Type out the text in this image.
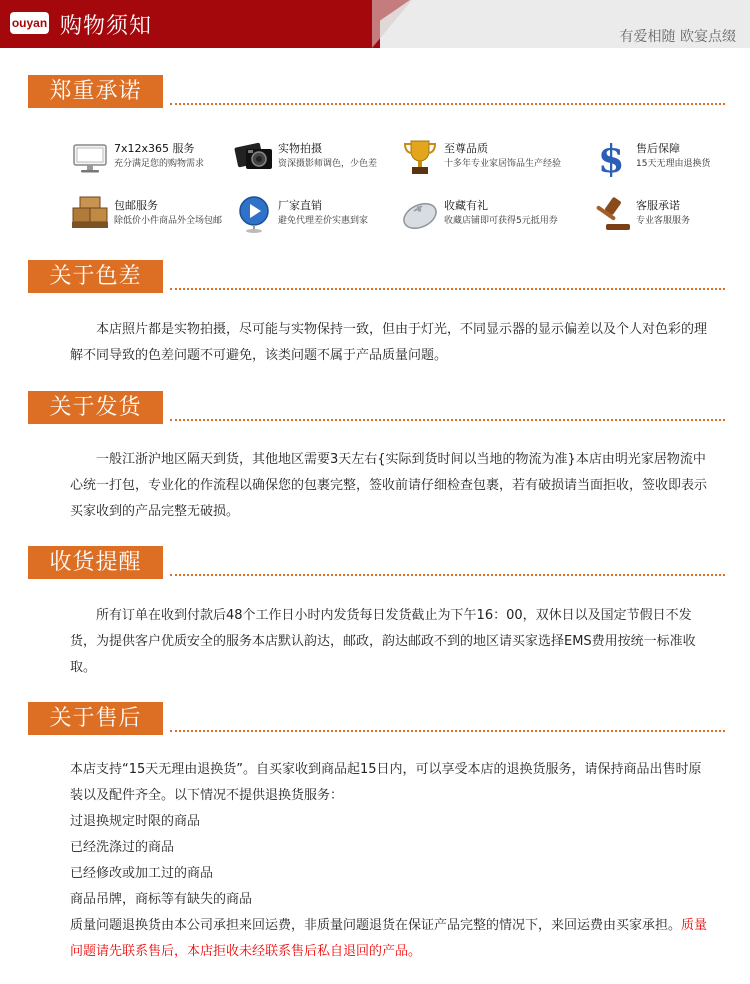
ouyan 购物须知	有爱相随 欧宴点缀
郑重承诺
7x12x365 服务
充分满足您的购物需求
实物拍摄
资深摄影师调色，少色差
至尊品质
十多年专业家居饰品生产经验 $ 售后保障
15天无理由退换货
包邮服务
除低价小件商品外全场包邮
厂家直销
避免代理差价实惠到家
收藏有礼
收藏店铺即可获得5元抵用券
客服承诺
专业客服服务
关于色差
本店照片都是实物拍摄，尽可能与实物保持一致，但由于灯光，不同显示器的显示偏差以及个人对色彩的理解不同导致的色差问题不可避免，该类问题不属于产品质量问题。
关于发货
一般江浙沪地区隔天到货，其他地区需要3天左右{实际到货时间以当地的物流为准}本店由明光家居物流中心统一打包，专业化的作流程以确保您的包裹完整，签收前请仔细检查包裹，若有破损请当面拒收，签收即表示买家收到的产品完整无破损。
收货提醒
所有订单在收到付款后48个工作日小时内发货每日发货截止为下午16：00，双休日以及国定节假日不发货，为提供客户优质安全的服务本店默认韵达，邮政，韵达邮政不到的地区请买家选择EMS费用按统一标准收取。
关于售后
本店支持“15天无理由退换货”。自买家收到商品起15日内，可以享受本店的退换货服务，请保持商品出售时原装以及配件齐全。以下情况不提供退换货服务：
过退换规定时限的商品
已经洗涤过的商品
已经修改或加工过的商品
商品吊牌，商标等有缺失的商品
质量问题退换货由本公司承担来回运费，非质量问题退货在保证产品完整的情况下，来回运费由买家承担。质量问题请先联系售后，本店拒收未经联系售后私自退回的产品。
